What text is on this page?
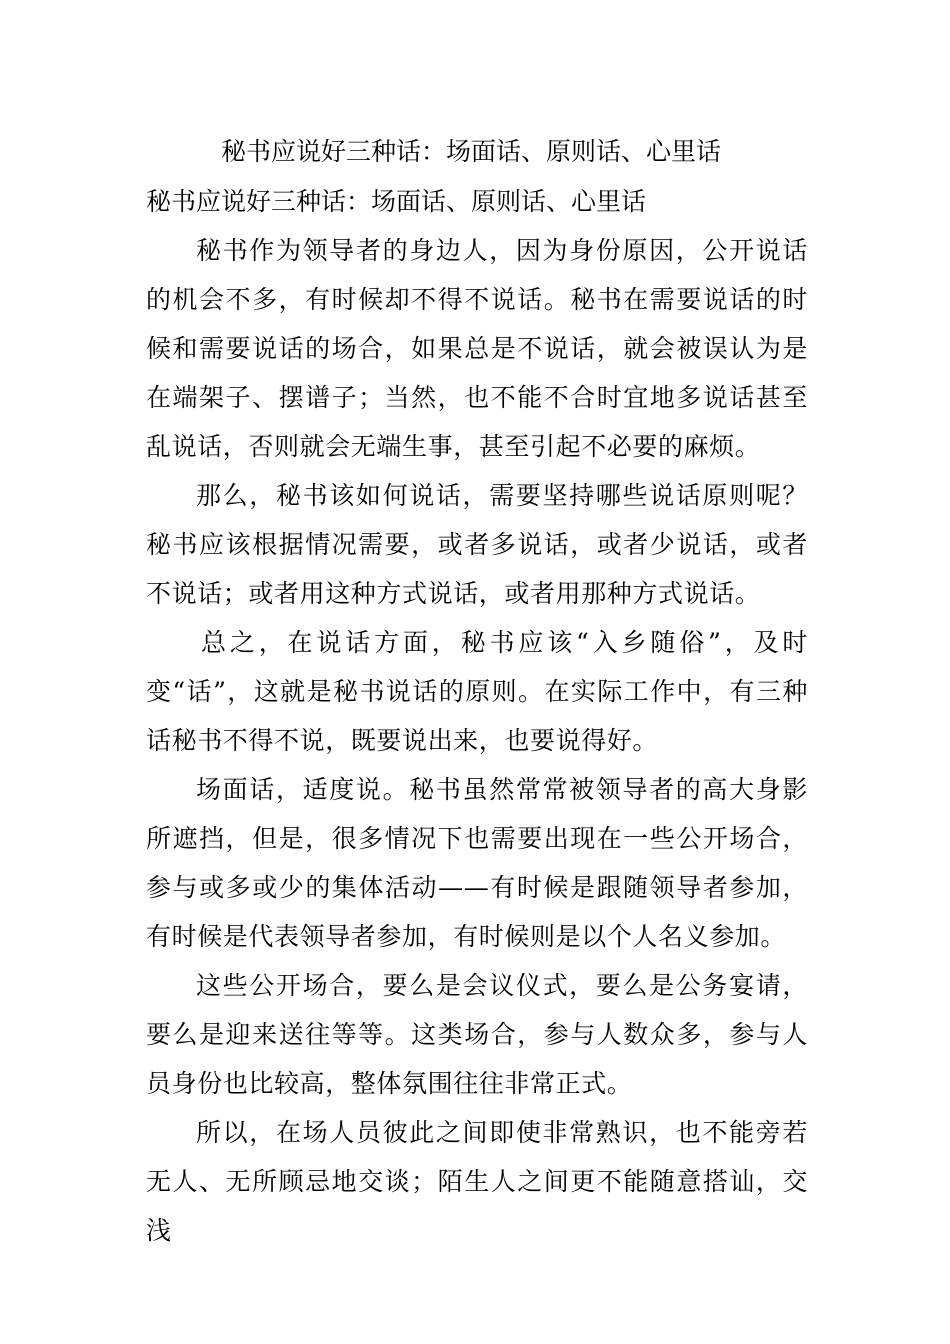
秘书应说好三种话：场面话、原则话、心里话
秘书应说好三种话：场面话、原则话、心里话

秘书作为领导者的身边人，因为身份原因，公开说话的机会不多，有时候却不得不说话。秘书在需要说话的时候和需要说话的场合，如果总是不说话，就会被误认为是在端架子、摆谱子；当然，也不能不合时宜地多说话甚至乱说话，否则就会无端生事，甚至引起不必要的麻烦。

那么，秘书该如何说话，需要坚持哪些说话原则呢？秘书应该根据情况需要，或者多说话，或者少说话，或者不说话；或者用这种方式说话，或者用那种方式说话。

总之，在说话方面，秘书应该“入乡随俗”，及时变“话”，这就是秘书说话的原则。在实际工作中，有三种话秘书不得不说，既要说出来，也要说得好。

场面话，适度说。秘书虽然常常被领导者的高大身影所遮挡，但是，很多情况下也需要出现在一些公开场合，参与或多或少的集体活动——有时候是跟随领导者参加，有时候是代表领导者参加，有时候则是以个人名义参加。

这些公开场合，要么是会议仪式，要么是公务宴请，要么是迎来送往等等。这类场合，参与人数众多，参与人员身份也比较高，整体氛围往往非常正式。

所以，在场人员彼此之间即使非常熟识，也不能旁若无人、无所顾忌地交谈；陌生人之间更不能随意搭讪，交浅
